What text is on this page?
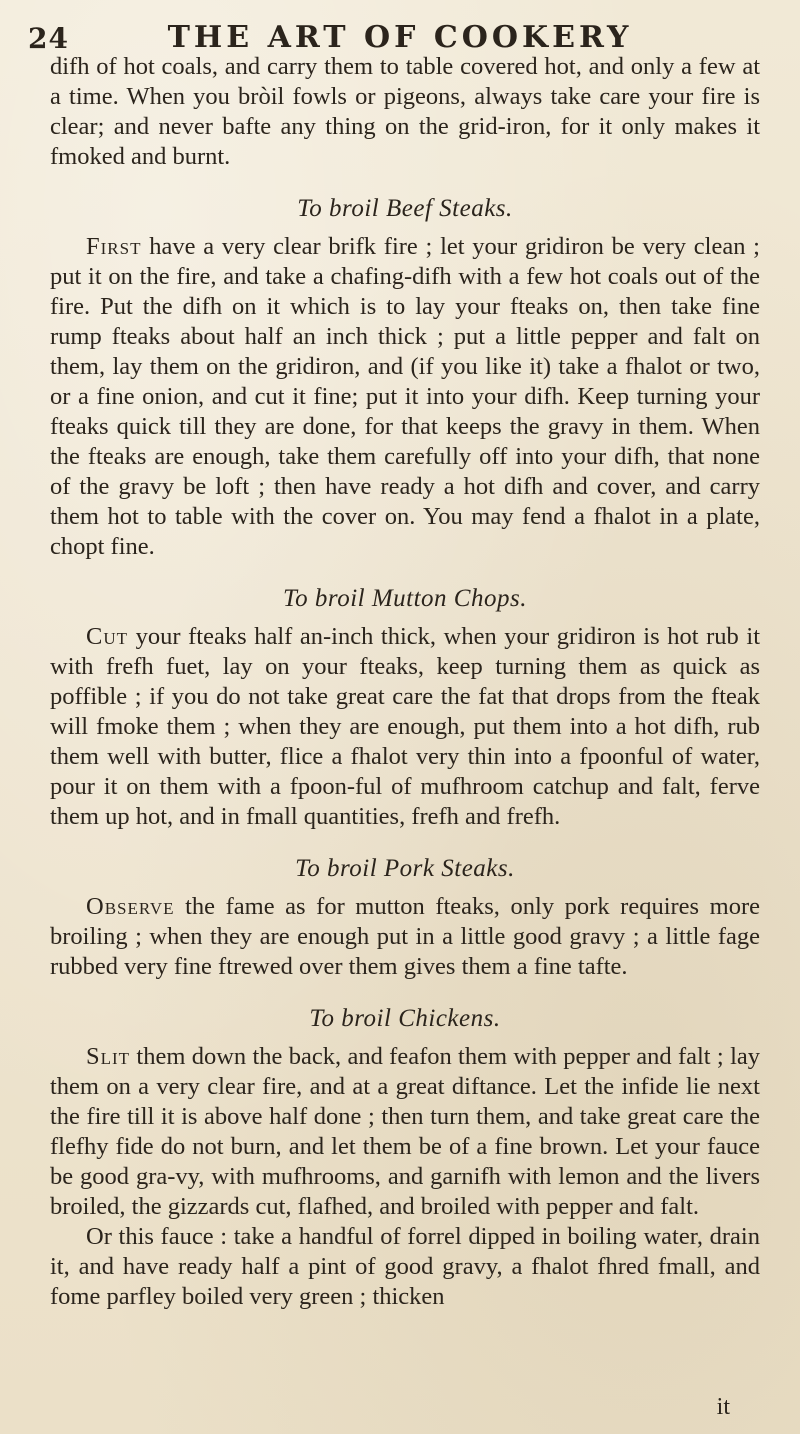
24	THE ART OF COOKERY

difh of hot coals, and carry them to table covered hot, and only a few at a time. When you bròil fowls or pigeons, always take care your fire is clear; and never bafte any thing on the grid-iron, for it only makes it fmoked and burnt.

To broil Beef Steaks.

First have a very clear brifk fire ; let your gridiron be very clean ; put it on the fire, and take a chafing-difh with a few hot coals out of the fire. Put the difh on it which is to lay your fteaks on, then take fine rump fteaks about half an inch thick ; put a little pepper and falt on them, lay them on the gridiron, and (if you like it) take a fhalot or two, or a fine onion, and cut it fine; put it into your difh. Keep turning your fteaks quick till they are done, for that keeps the gravy in them. When the fteaks are enough, take them carefully off into your difh, that none of the gravy be loft ; then have ready a hot difh and cover, and carry them hot to table with the cover on. You may fend a fhalot in a plate, chopt fine.

To broil Mutton Chops.

Cut your fteaks half an-inch thick, when your gridiron is hot rub it with frefh fuet, lay on your fteaks, keep turning them as quick as poffible ; if you do not take great care the fat that drops from the fteak will fmoke them ; when they are enough, put them into a hot difh, rub them well with butter, flice a fhalot very thin into a fpoonful of water, pour it on them with a fpoon-ful of mufhroom catchup and falt, ferve them up hot, and in fmall quantities, frefh and frefh.

To broil Pork Steaks.

Observe the fame as for mutton fteaks, only pork requires more broiling ; when they are enough put in a little good gravy ; a little fage rubbed very fine ftrewed over them gives them a fine tafte.

To broil Chickens.

Slit them down the back, and feafon them with pepper and falt ; lay them on a very clear fire, and at a great diftance. Let the infide lie next the fire till it is above half done ; then turn them, and take great care the flefhy fide do not burn, and let them be of a fine brown. Let your fauce be good gra-vy, with mufhrooms, and garnifh with lemon and the livers broiled, the gizzards cut, flafhed, and broiled with pepper and falt.

Or this fauce : take a handful of forrel dipped in boiling water, drain it, and have ready half a pint of good gravy, a fhalot fhred fmall, and fome parfley boiled very green ; thicken

it
